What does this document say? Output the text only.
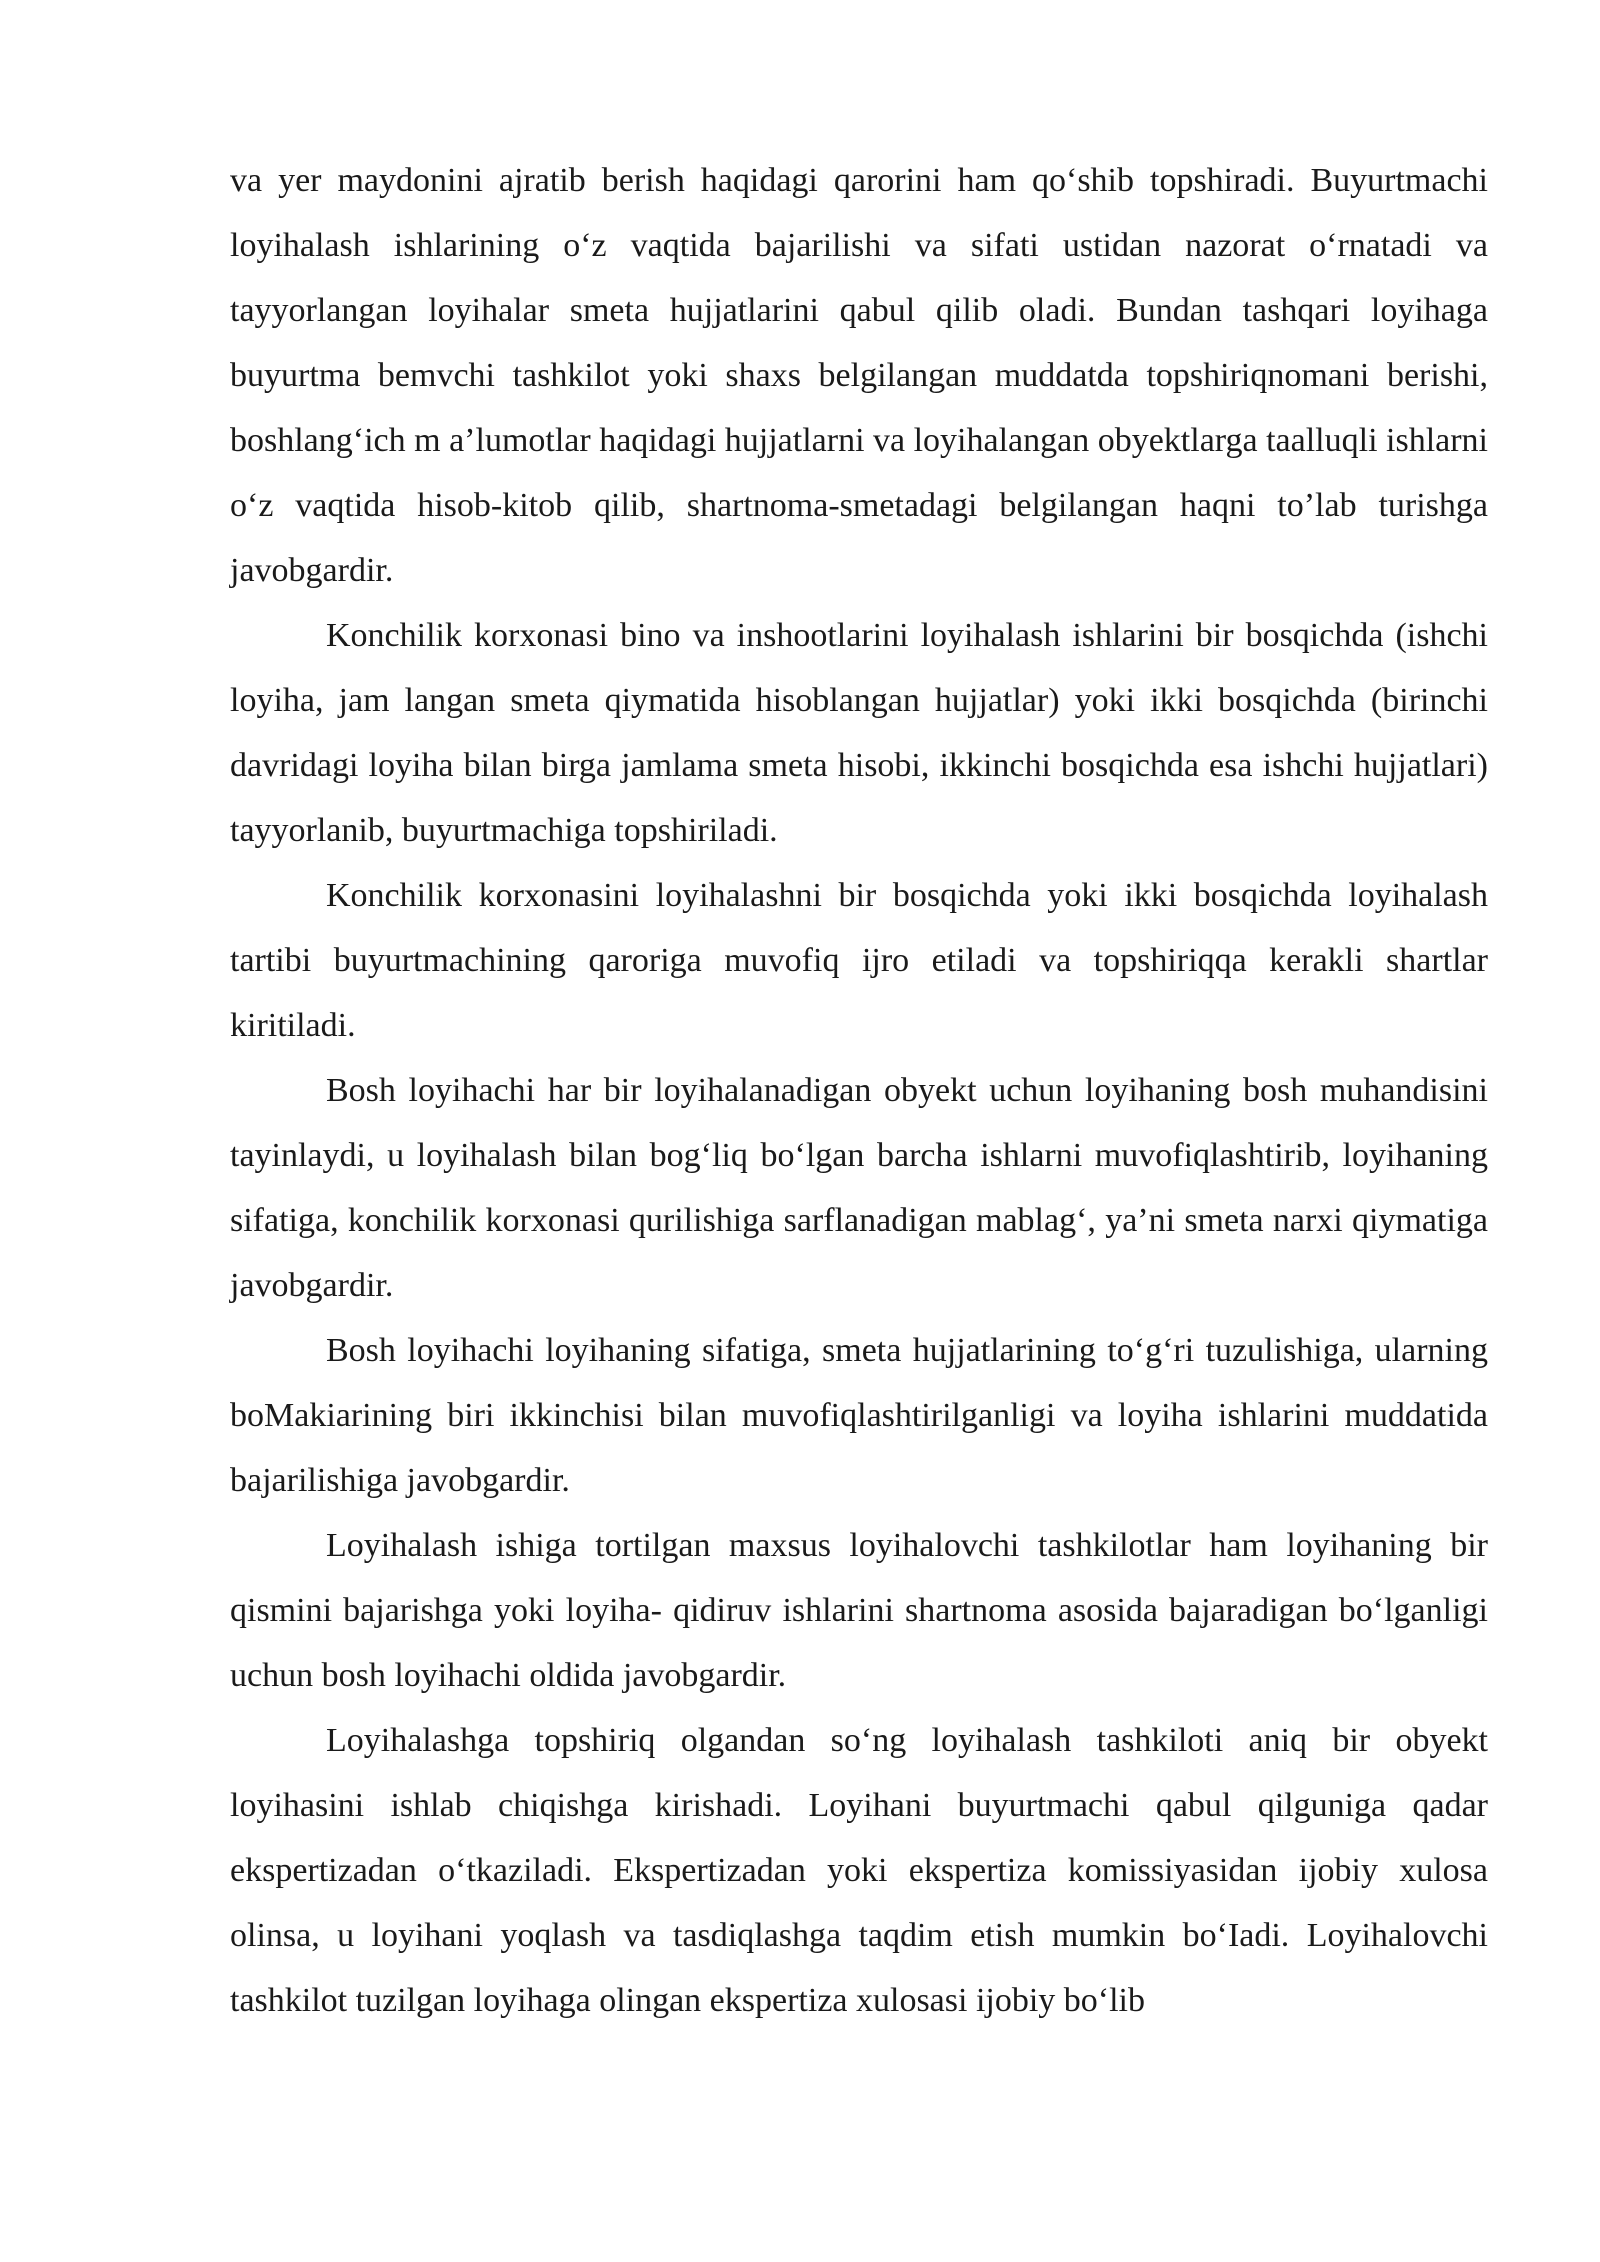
va yer maydonini ajratib berish haqidagi qarorini ham qo‘shib topshiradi. Buyurtmachi loyihalash ishlarining o‘z vaqtida bajarilishi va sifati ustidan nazorat o‘rnatadi va tayyorlangan loyihalar smeta hujjatlarini qabul qilib oladi. Bundan tashqari loyihaga buyurtma bemvchi tashkilot yoki shaxs belgilangan muddatda topshiriqnomani berishi, boshlang‘ich m a’lumotlar haqidagi hujjatlarni va loyihalangan obyektlarga taalluqli ishlarni o‘z vaqtida hisob-kitob qilib, shartnoma-smetadagi belgilangan haqni to’lab turishga javobgardir.

Konchilik korxonasi bino va inshootlarini loyihalash ishlarini bir bosqichda (ishchi loyiha, jam langan smeta qiymatida hisoblangan hujjatlar) yoki ikki bosqichda (birinchi davridagi loyiha bilan birga jamlama smeta hisobi, ikkinchi bosqichda esa ishchi hujjatlari) tayyorlanib, buyurtmachiga topshiriladi.

Konchilik korxonasini loyihalashni bir bosqichda yoki ikki bosqichda loyihalash tartibi buyurtmachining qaroriga muvofiq ijro etiladi va topshiriqqa kerakli shartlar kiritiladi.

Bosh loyihachi har bir loyihalanadigan obyekt uchun loyihaning bosh muhandisini tayinlaydi, u loyihalash bilan bog‘liq bo‘lgan barcha ishlarni muvofiqlashtirib, loyihaning sifatiga, konchilik korxonasi qurilishiga sarflanadigan mablag‘, ya’ni smeta narxi qiymatiga javobgardir.

Bosh loyihachi loyihaning sifatiga, smeta hujjatlarining to‘g‘ri tuzulishiga, ularning boMakiarining biri ikkinchisi bilan muvofiqlashtirilganligi va loyiha ishlarini muddatida bajarilishiga javobgardir.

Loyihalash ishiga tortilgan maxsus loyihalovchi tashkilotlar ham loyihaning bir qismini bajarishga yoki loyiha- qidiruv ishlarini shartnoma asosida bajaradigan bo‘lganligi uchun bosh loyihachi oldida javobgardir.

Loyihalashga topshiriq olgandan so‘ng loyihalash tashkiloti aniq bir obyekt loyihasini ishlab chiqishga kirishadi. Loyihani buyurtmachi qabul qilguniga qadar ekspertizadan o‘tkaziladi. Ekspertizadan yoki ekspertiza komissiyasidan ijobiy xulosa olinsa, u loyihani yoqlash va tasdiqlashga taqdim etish mumkin bo‘Iadi. Loyihalovchi tashkilot tuzilgan loyihaga olingan ekspertiza xulosasi ijobiy bo‘lib
